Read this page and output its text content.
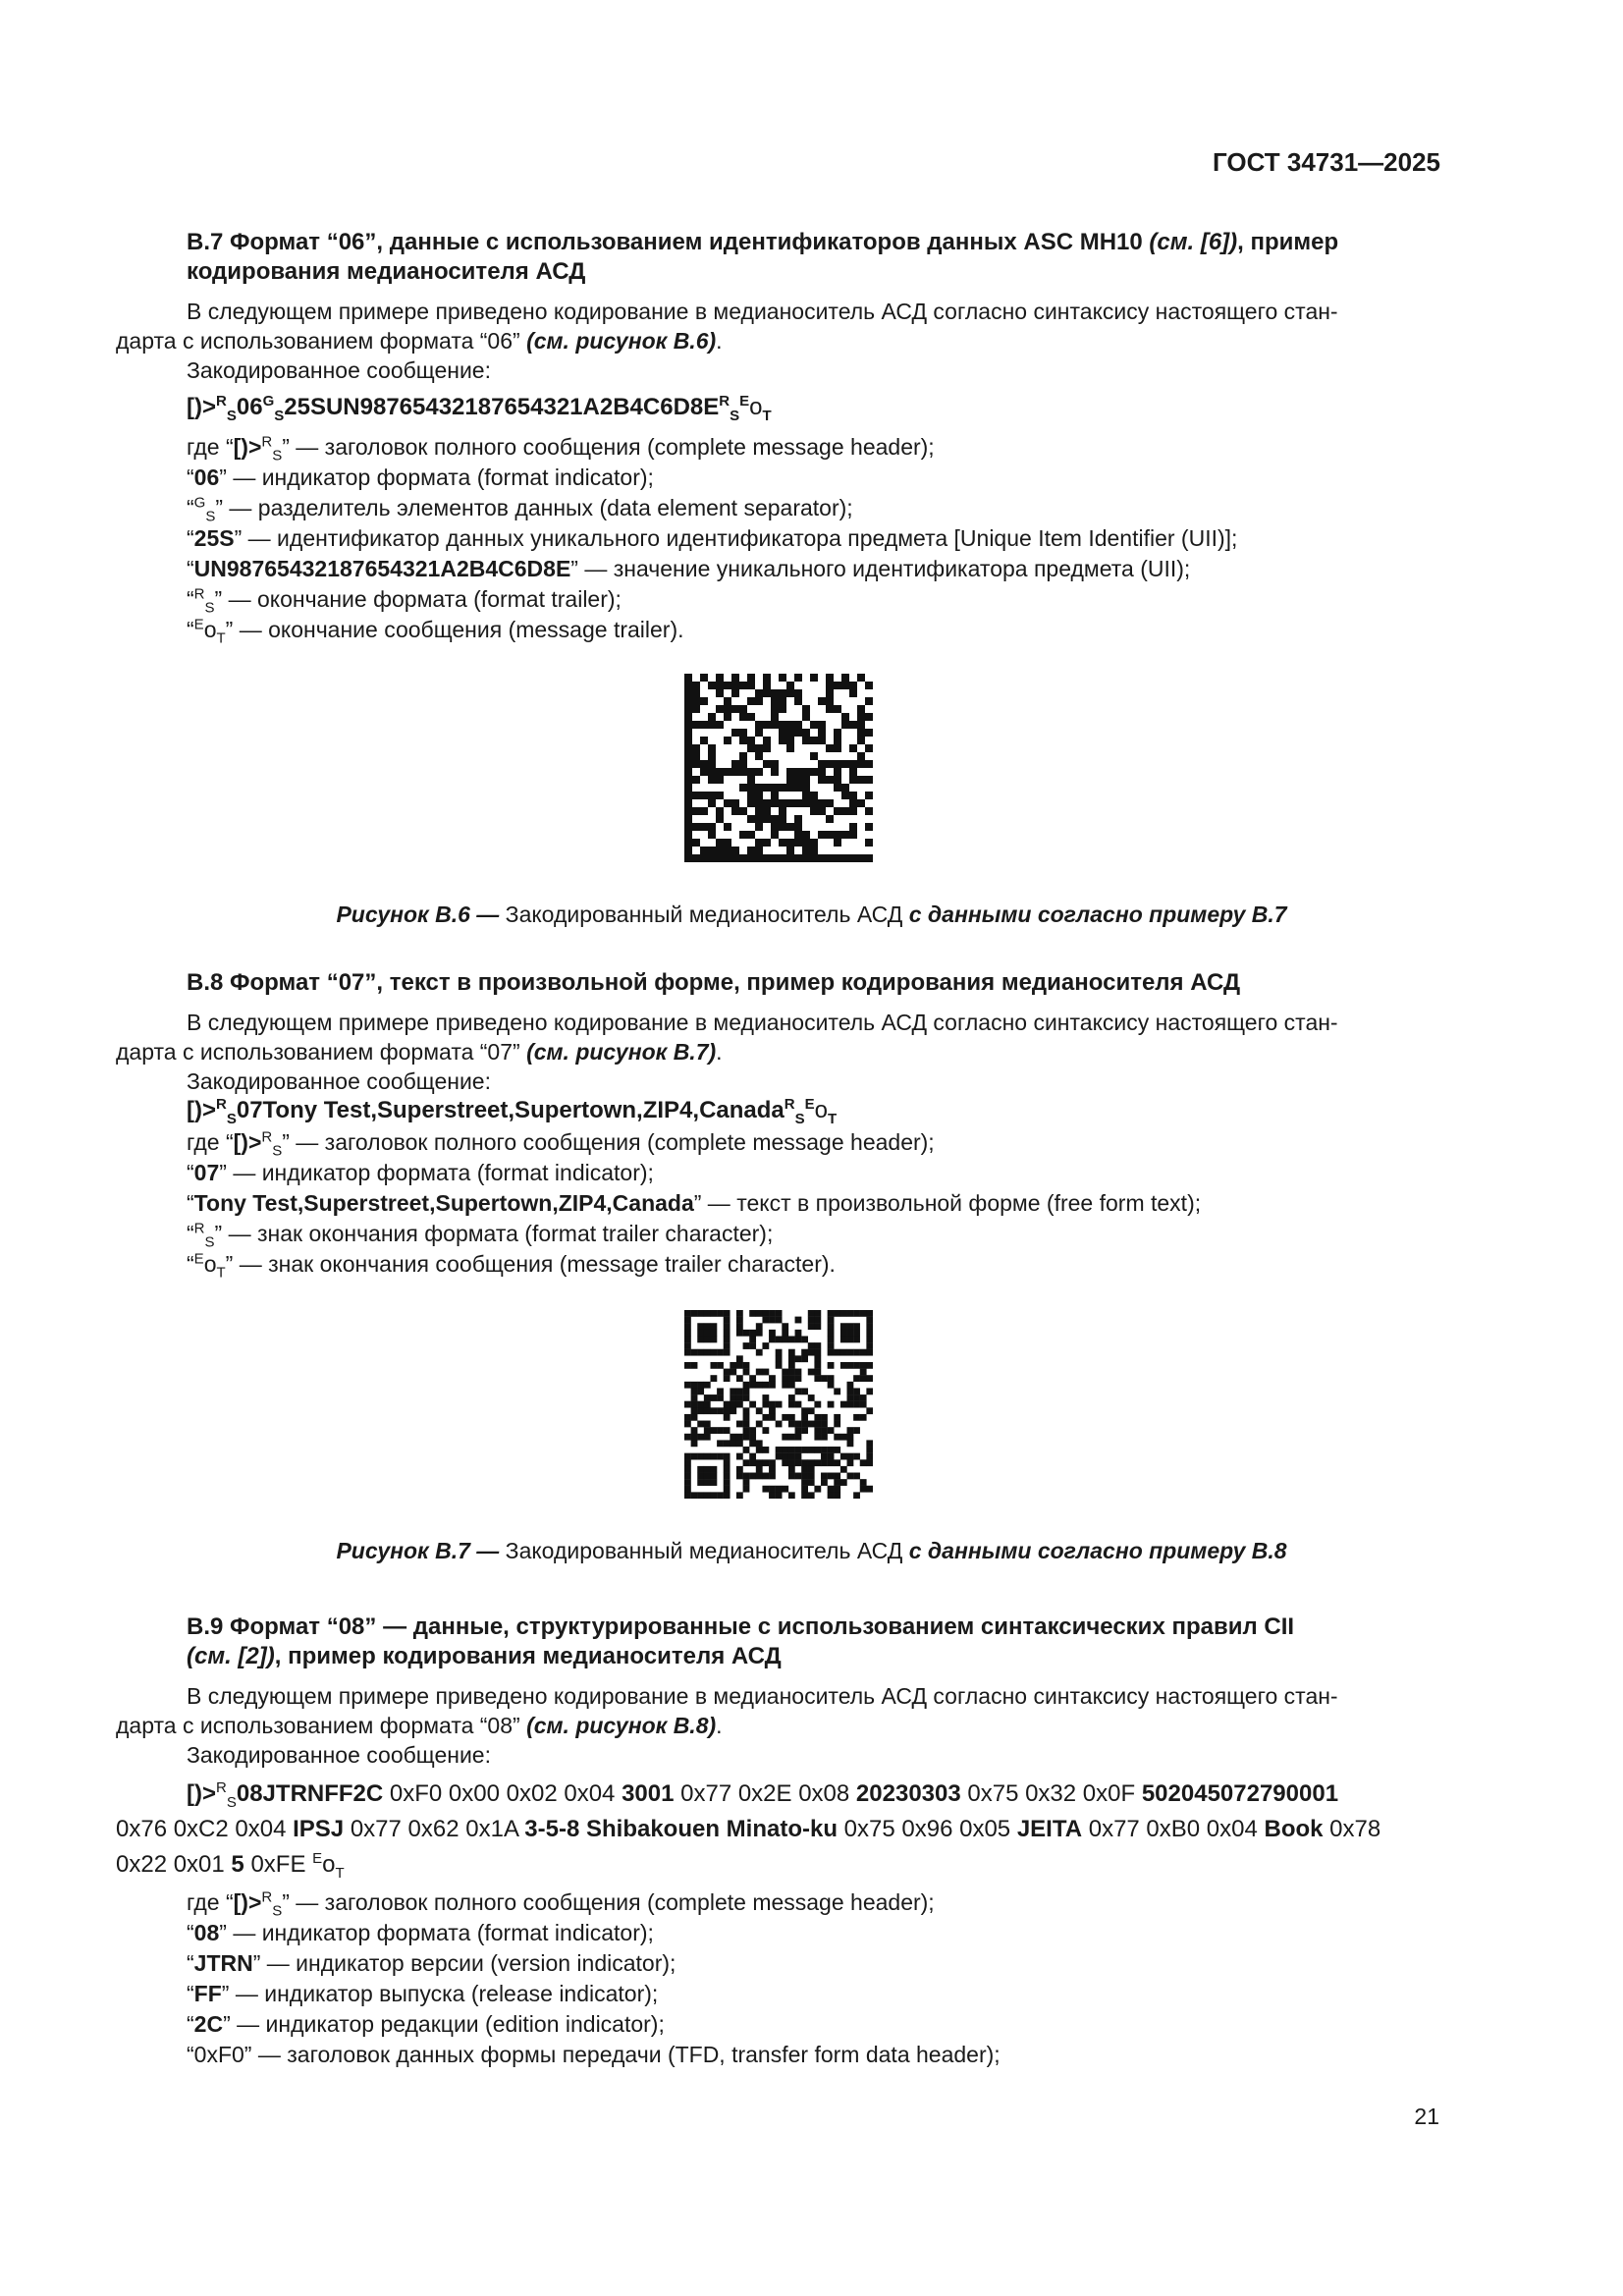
ГОСТ 34731—2025
В.7 Формат “06”, данные с использованием идентификаторов данных ASC MH10 (см. [6]), пример
кодирования медианосителя АСД
В следующем примере приведено кодирование в медианоситель АСД согласно синтаксису настоящего стан-
дарта с использованием формата “06” (см. рисунок В.6).
Закодированное сообщение:
$[)>^R_S06^G_S25SUN98765432187654321A2B4C6D8E^R_S^Eo_T$
где “[)>$^R_S$” — заголовок полного сообщения (complete message header);
“06” — индикатор формата (format indicator);
“$^G_S$” — разделитель элементов данных (data element separator);
“25S” — идентификатор данных уникального идентификатора предмета [Unique Item Identifier (UII)];
“UN98765432187654321A2B4C6D8E” — значение уникального идентификатора предмета (UII);
“$^R_S$” — окончание формата (format trailer);
“$^Eo_T$” — окончание сообщения (message trailer).
Рисунок В.6 — Закодированный медианоситель АСД с данными согласно примеру В.7
В.8 Формат “07”, текст в произвольной форме, пример кодирования медианосителя АСД
В следующем примере приведено кодирование в медианоситель АСД согласно синтаксису настоящего стан-
дарта с использованием формата “07” (см. рисунок В.7).
Закодированное сообщение:
[)>$^R_S$07Tony $Test,Superstreet,Supertown,ZIP4,Canada^R_S^Eo_T$
где “[)>$^R_S$” — заголовок полного сообщения (complete message header);
“07” — индикатор формата (format indicator);
“Tony Test,Superstreet,Supertown,ZIP4,Canada” — текст в произвольной форме (free form text);
“$^R_S$” — знак окончания формата (format trailer character);
“$^Eo_T$” — знак окончания сообщения (message trailer character).
Рисунок В.7 — Закодированный медианоситель АСД с данными согласно примеру В.8
В.9 Формат “08” — данные, структурированные с использованием синтаксических правил CII
(см. [2]), пример кодирования медианосителя АСД
В следующем примере приведено кодирование в медианоситель АСД согласно синтаксису настоящего стан-
дарта с использованием формата “08” (см. рисунок В.8).
Закодированное сообщение:
[)>$^R_S$08JTRNFF2C 0xF0 0x00 0x02 0x04 3001 0x77 0x2E 0x08 20230303 0x75 0x32 0x0F 502045072790001
0x76 0xC2 0x04 IPSJ 0x77 0x62 0x1A 3-5-8 Shibakouen Minato-ku 0x75 0x96 0x05 JEITA 0x77 0xB0 0x04 Book 0x78
0x22 0x01 5 0xFE $^Eo_T$
где “[)>$^R_S$” — заголовок полного сообщения (complete message header);
“08” — индикатор формата (format indicator);
“JTRN” — индикатор версии (version indicator);
“FF” — индикатор выпуска (release indicator);
“2C” — индикатор редакции (edition indicator);
“0xF0” — заголовок данных формы передачи (TFD, transfer form data header);
21
